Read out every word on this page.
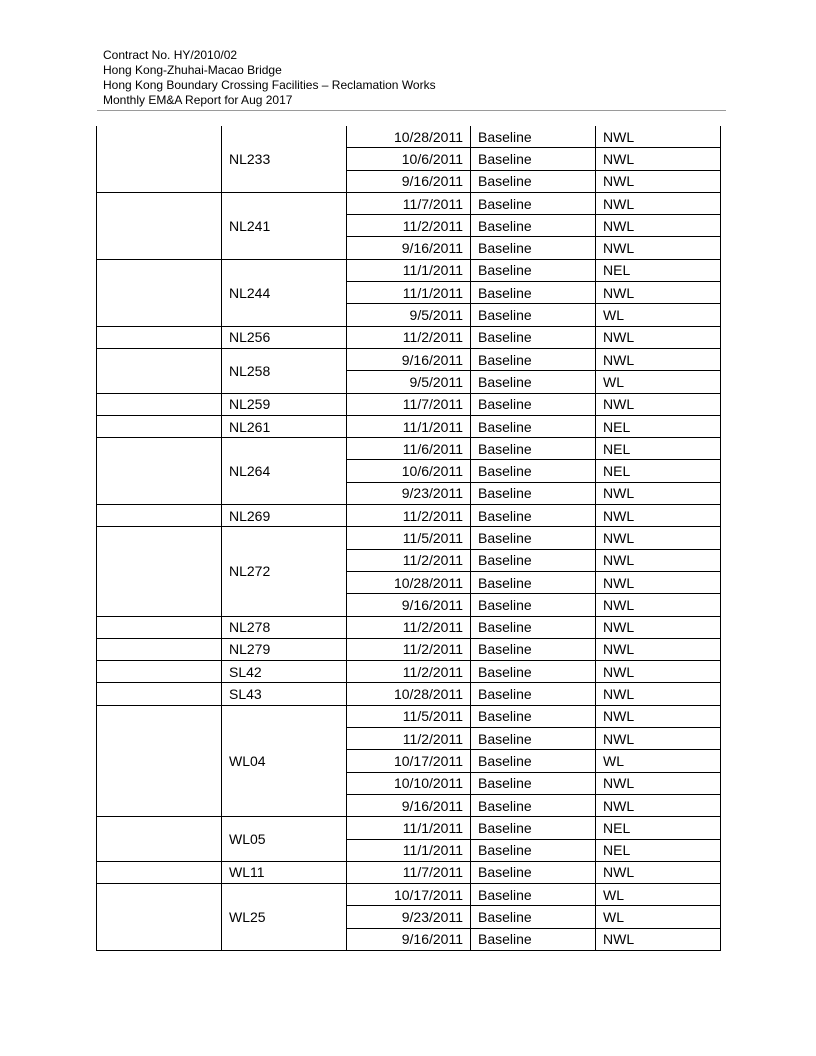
Contract No. HY/2010/02
Hong Kong-Zhuhai-Macao Bridge
Hong Kong Boundary Crossing Facilities – Reclamation Works
Monthly EM&A Report for Aug 2017
	NL233	10/28/2011	Baseline	NWL
		10/6/2011	Baseline	NWL
		9/16/2011	Baseline	NWL
	NL241	11/7/2011	Baseline	NWL
		11/2/2011	Baseline	NWL
		9/16/2011	Baseline	NWL
	NL244	11/1/2011	Baseline	NEL
		11/1/2011	Baseline	NWL
		9/5/2011	Baseline	WL
	NL256	11/2/2011	Baseline	NWL
	NL258	9/16/2011	Baseline	NWL
		9/5/2011	Baseline	WL
	NL259	11/7/2011	Baseline	NWL
	NL261	11/1/2011	Baseline	NEL
	NL264	11/6/2011	Baseline	NEL
		10/6/2011	Baseline	NEL
		9/23/2011	Baseline	NWL
	NL269	11/2/2011	Baseline	NWL
	NL272	11/5/2011	Baseline	NWL
		11/2/2011	Baseline	NWL
		10/28/2011	Baseline	NWL
		9/16/2011	Baseline	NWL
	NL278	11/2/2011	Baseline	NWL
	NL279	11/2/2011	Baseline	NWL
	SL42	11/2/2011	Baseline	NWL
	SL43	10/28/2011	Baseline	NWL
	WL04	11/5/2011	Baseline	NWL
		11/2/2011	Baseline	NWL
		10/17/2011	Baseline	WL
		10/10/2011	Baseline	NWL
		9/16/2011	Baseline	NWL
	WL05	11/1/2011	Baseline	NEL
		11/1/2011	Baseline	NEL
	WL11	11/7/2011	Baseline	NWL
	WL25	10/17/2011	Baseline	WL
		9/23/2011	Baseline	WL
		9/16/2011	Baseline	NWL
